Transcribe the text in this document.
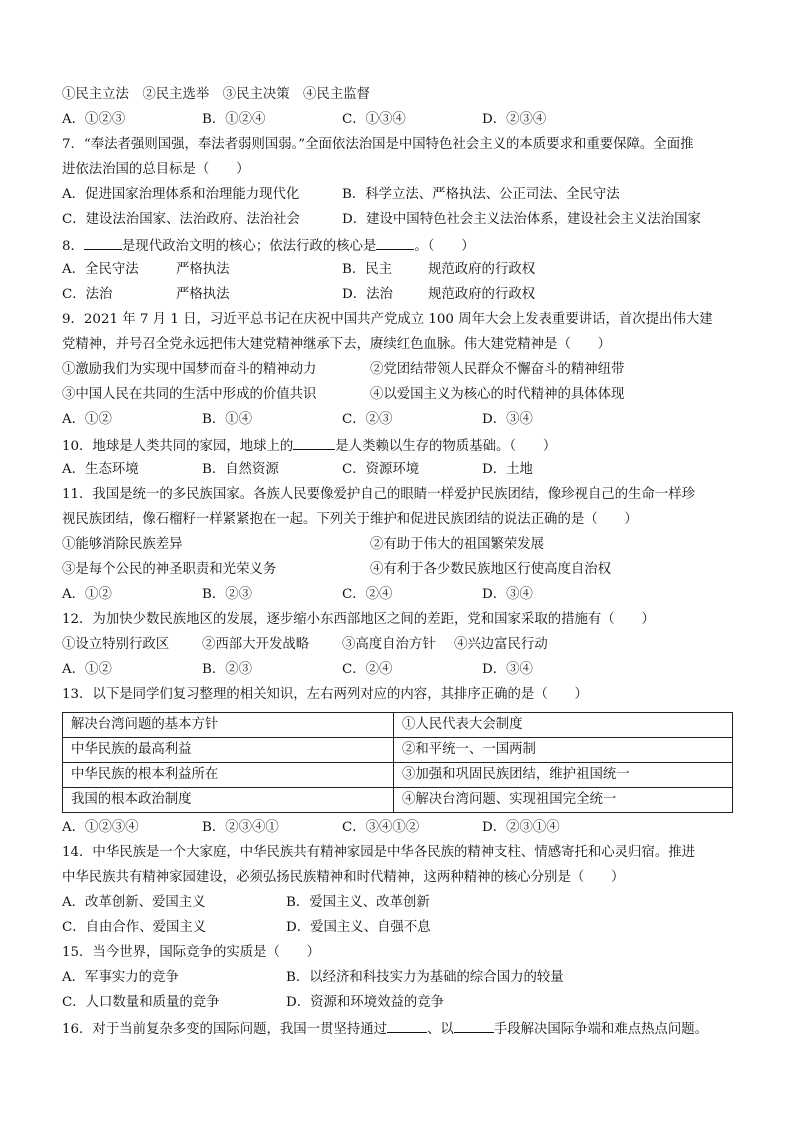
①民主立法　②民主选举　③民主决策　④民主监督
A．①②③	B．①②④	C．①③④	D．②③④
7．“奉法者强则国强，奉法者弱则国弱。”全面依法治国是中国特色社会主义的本质要求和重要保障。全面推
进依法治国的总目标是（　　）
A．促进国家治理体系和治理能力现代化	B．科学立法、严格执法、公正司法、全民守法
C．建设法治国家、法治政府、法治社会	D．建设中国特色社会主义法治体系，建设社会主义法治国家
8．	是现代政治文明的核心；依法行政的核心是	。（　　）
A．全民守法	严格执法	B．民主	规范政府的行政权
C．法治	严格执法	D．法治	规范政府的行政权
9．2021 年 7 月 1 日，习近平总书记在庆祝中国共产党成立 100 周年大会上发表重要讲话，首次提出伟大建
党精神，并号召全党永远把伟大建党精神继承下去，赓续红色血脉。伟大建党精神是（　　）
①激励我们为实现中国梦而奋斗的精神动力	②党团结带领人民群众不懈奋斗的精神纽带
③中国人民在共同的生活中形成的价值共识	④以爱国主义为核心的时代精神的具体体现
A．①②	B．①④	C．②③	D．③④
10．地球是人类共同的家园，地球上的	是人类赖以生存的物质基础。（　　）
A．生态环境	B．自然资源	C．资源环境	D．土地
11．我国是统一的多民族国家。各族人民要像爱护自己的眼睛一样爱护民族团结，像珍视自己的生命一样珍
视民族团结，像石榴籽一样紧紧抱在一起。下列关于维护和促进民族团结的说法正确的是（　　）
①能够消除民族差异	②有助于伟大的祖国繁荣发展
③是每个公民的神圣职责和光荣义务	④有利于各少数民族地区行使高度自治权
A．①②	B．②③	C．②④	D．③④
12．为加快少数民族地区的发展，逐步缩小东西部地区之间的差距，党和国家采取的措施有（　　）
①设立特别行政区 ②西部大开发战略 ③高度自治方针 ④兴边富民行动
A．①②	B．②③	C．②④	D．③④
13．以下是同学们复习整理的相关知识，左右两列对应的内容，其排序正确的是（　　）
解决台湾问题的基本方针	①人民代表大会制度
中华民族的最高利益	②和平统一、一国两制
中华民族的根本利益所在	③加强和巩固民族团结，维护祖国统一
我国的根本政治制度	④解决台湾问题、实现祖国完全统一
A．①②③④	B．②③④①	C．③④①②	D．②③①④
14．中华民族是一个大家庭，中华民族共有精神家园是中华各民族的精神支柱、情感寄托和心灵归宿。推进
中华民族共有精神家园建设，必须弘扬民族精神和时代精神，这两种精神的核心分别是（　　）
A．改革创新、爱国主义	B．爱国主义、改革创新
C．自由合作、爱国主义	D．爱国主义、自强不息
15．当今世界，国际竞争的实质是（　　）
A．军事实力的竞争	B．以经济和科技实力为基础的综合国力的较量
C．人口数量和质量的竞争	D．资源和环境效益的竞争
16．对于当前复杂多变的国际问题，我国一贯坚持通过	、以	手段解决国际争端和难点热点问题。
